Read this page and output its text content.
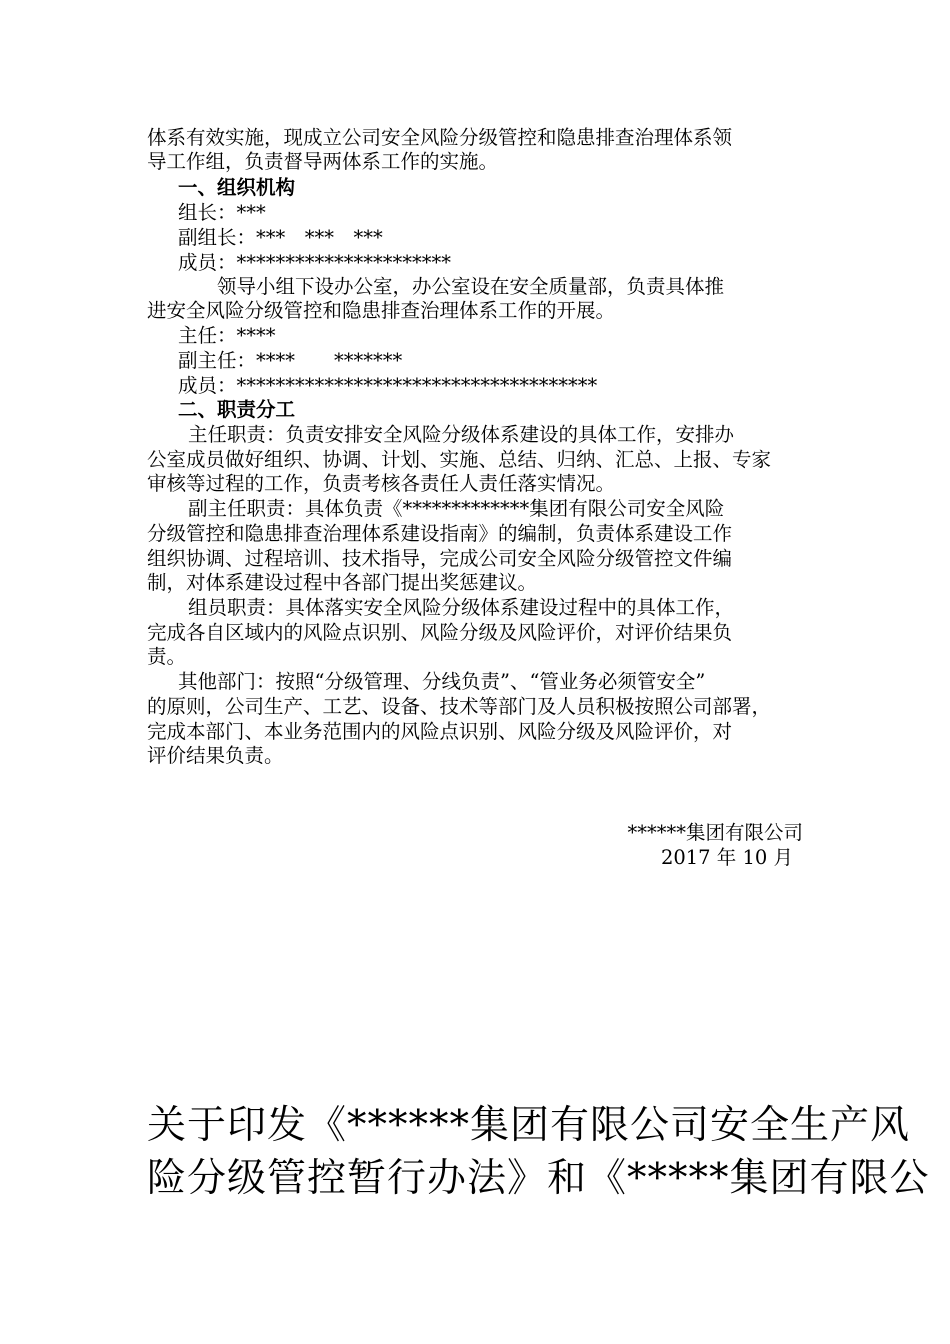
体系有效实施，现成立公司安全风险分级管控和隐患排查治理体系领
导工作组，负责督导两体系工作的实施。
一、组织机构
组长：***
副组长：***　***　***
成员：**********************
领导小组下设办公室，办公室设在安全质量部，负责具体推
进安全风险分级管控和隐患排查治理体系工作的开展。
主任：****
副主任：****　　*******
成员：*************************************
二、职责分工
主任职责：负责安排安全风险分级体系建设的具体工作，安排办
公室成员做好组织、协调、计划、实施、总结、归纳、汇总、上报、专家
审核等过程的工作，负责考核各责任人责任落实情况。
副主任职责：具体负责《*************集团有限公司安全风险
分级管控和隐患排查治理体系建设指南》的编制，负责体系建设工作
组织协调、过程培训、技术指导，完成公司安全风险分级管控文件编
制，对体系建设过程中各部门提出奖惩建议。
组员职责：具体落实安全风险分级体系建设过程中的具体工作，
完成各自区域内的风险点识别、风险分级及风险评价，对评价结果负
责。
其他部门：按照“分级管理、分线负责”、“管业务必须管安全”
的原则，公司生产、工艺、设备、技术等部门及人员积极按照公司部署，
完成本部门、本业务范围内的风险点识别、风险分级及风险评价，对
评价结果负责。
******集团有限公司
2017 年 10 月
关于印发《******集团有限公司安全生产风
险分级管控暂行办法》和《*****集团有限公
